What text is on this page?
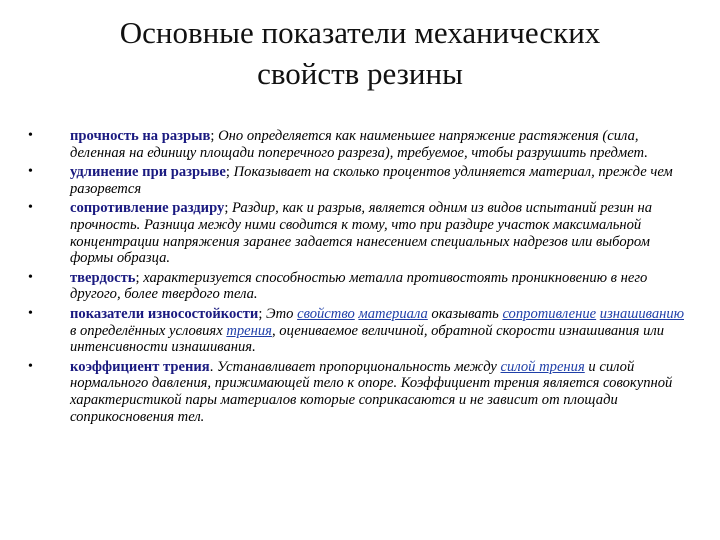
Основные показатели механических
свойств резины
•	прочность на разрыв; Оно определяется как наименьшее напряжение растяжения (сила, деленная на единицу площади поперечного разреза), требуемое, чтобы разрушить предмет.
•	удлинение при разрыве; Показывает на сколько процентов удлиняется материал, прежде чем разорвется
•	сопротивление раздиру; Раздир, как и разрыв, является одним из видов испытаний резин на прочность. Разница между ними сводится к тому, что при раздире участок максимальной концентрации напряжения заранее задается нанесением специальных надрезов или выбором формы образца.
•	твердость; характеризуется способностью металла противостоять проникновению в него другого, более твердого тела.
•	показатели износостойкости; Это свойство материала оказывать сопротивление изнашиванию в определённых условиях трения, оцениваемое величиной, обратной скорости изнашивания или интенсивности изнашивания.
•	коэффициент трения. Устанавливает пропорциональность между силой трения и силой нормального давления, прижимающей тело к опоре. Коэффициент трения является совокупной характеристикой пары материалов которые соприкасаются и не зависит от площади соприкосновения тел.
